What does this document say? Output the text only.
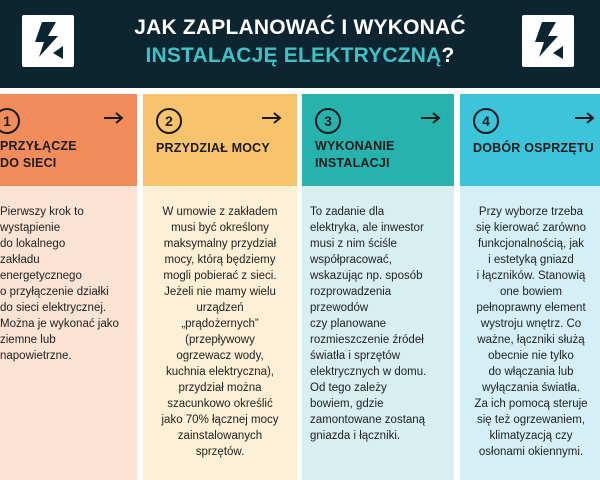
JAK ZAPLANOWAĆ I WYKONAĆ
INSTALACJĘ ELEKTRYCZNĄ?
1
PRZYŁĄCZE
DO SIECI
Pierwszy krok to
wystąpienie
do lokalnego
zakładu
energetycznego
o przyłączenie działki
do sieci elektrycznej.
Można je wykonać jako
ziemne lub
napowietrzne.
2
PRZYDZIAŁ MOCY
W umowie z zakładem
musi być określony
maksymalny przydział
mocy, którą będziemy
mogli pobierać z sieci.
Jeżeli nie mamy wielu
urządzeń
„prądożernych”
(przepływowy
ogrzewacz wody,
kuchnia elektryczna),
przydział można
szacunkowo określić
jako 70% łącznej mocy
zainstalowanych
sprzętów.
3
WYKONANIE
INSTALACJI
To zadanie dla
elektryka, ale inwestor
musi z nim ściśle
współpracować,
wskazując np. sposób
rozprowadzenia
przewodów
czy planowane
rozmieszczenie źródeł
światła i sprzętów
elektrycznych w domu.
Od tego zależy
bowiem, gdzie
zamontowane zostaną
gniazda i łączniki.
4
DOBÓR OSPRZĘTU
Przy wyborze trzeba
się kierować zarówno
funkcjonalnością, jak
i estetyką gniazd
i łączników. Stanowią
one bowiem
pełnoprawny element
wystroju wnętrz. Co
ważne, łączniki służą
obecnie nie tylko
do włączania lub
wyłączania światła.
Za ich pomocą steruje
się też ogrzewaniem,
klimatyzacją czy
osłonami okiennymi.
